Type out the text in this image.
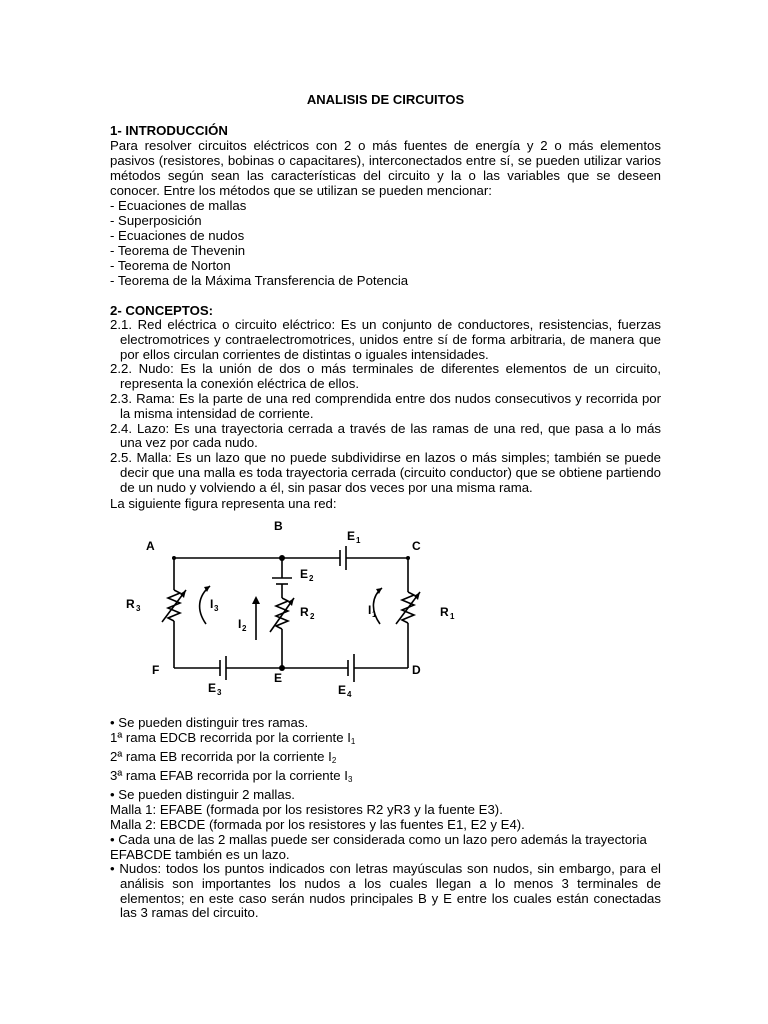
ANALISIS DE CIRCUITOS

1- INTRODUCCIÓN

Para resolver circuitos eléctricos con 2 o más fuentes de energía y 2 o más elementos pasivos (resistores, bobinas o capacitares), interconectados entre sí, se pueden utilizar varios métodos según sean las características del circuito y la o las variables que se deseen conocer. Entre los métodos que se utilizan se pueden mencionar:

- Ecuaciones de mallas

- Superposición

- Ecuaciones de nudos

- Teorema de Thevenin

- Teorema de Norton

- Teorema de la Máxima Transferencia de Potencia

2- CONCEPTOS:

2.1. Red eléctrica o circuito eléctrico: Es un conjunto de conductores, resistencias, fuerzas electromotrices y contraelectromotrices, unidos entre sí de forma arbitraria, de manera que por ellos circulan corrientes de distintas o iguales intensidades.

2.2. Nudo: Es la unión de dos o más terminales de diferentes elementos de un circuito, representa la conexión eléctrica de ellos.

2.3. Rama: Es la parte de una red comprendida entre dos nudos consecutivos y recorrida por la misma intensidad de corriente.

2.4. Lazo: Es una trayectoria cerrada a través de las ramas de una red, que pasa a lo más una vez por cada nudo.

2.5. Malla: Es un lazo que no puede subdividirse en lazos o más simples; también se puede decir que una malla es toda trayectoria cerrada (circuito conductor) que se obtiene partiendo de un nudo y volviendo a él, sin pasar dos veces por una misma rama.

La siguiente figura representa una red:

A
B
C
D
E
F
E 1
E 2
E 3	E 4
R 3	R 2	R 1
I 3
I 2
I 1

• Se pueden distinguir tres ramas.

1ª rama EDCB recorrida por la corriente $I_1$

2ª rama EB recorrida por la corriente $I_2$

3ª rama EFAB recorrida por la corriente $I_3$

• Se pueden distinguir 2 mallas.

Malla 1: EFABE (formada por los resistores R2 yR3 y la fuente E3).

Malla 2: EBCDE (formada por los resistores y las fuentes E1, E2 y E4).

• Cada una de las 2 mallas puede ser considerada como un lazo pero además la trayectoria

EFABCDE también es un lazo.

• Nudos: todos los puntos indicados con letras mayúsculas son nudos, sin embargo, para el análisis son importantes los nudos a los cuales llegan a lo menos 3 terminales de elementos; en este caso serán nudos principales B y E entre los cuales están conectadas las 3 ramas del circuito.
